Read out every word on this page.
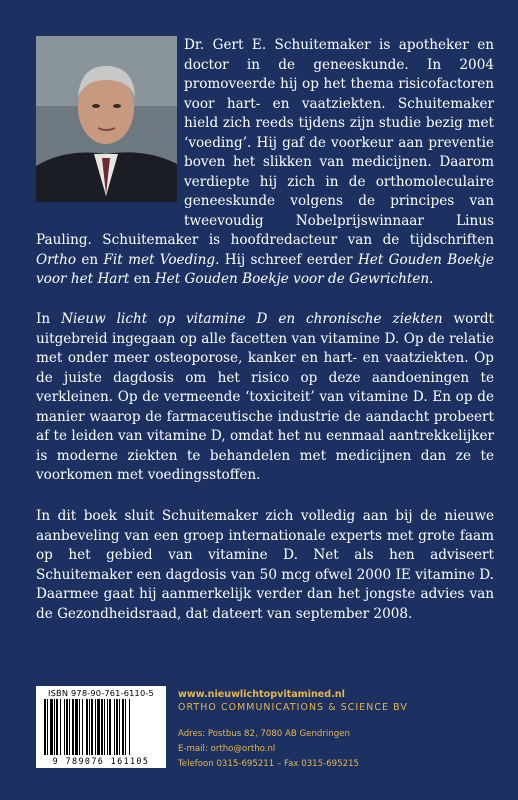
Dr. Gert E. Schuitemaker is apotheker en doctor in de geneeskunde. In 2004 promoveerde hij op het thema risicofactoren voor hart- en vaatziekten. Schuitemaker hield zich reeds tijdens zijn studie bezig met ‘voeding’. Hij gaf de voorkeur aan preventie boven het slikken van medicijnen. Daarom verdiepte hij zich in de orthomoleculaire geneeskunde volgens de principes van tweevoudig Nobelprijswinnaar Linus Pauling. Schuitemaker is hoofdredacteur van de tijdschriften Ortho en Fit met Voeding. Hij schreef eerder Het Gouden Boekje voor het Hart en Het Gouden Boekje voor de Gewrichten.

In Nieuw licht op vitamine D en chronische ziekten wordt uitgebreid ingegaan op alle facetten van vitamine D. Op de relatie met onder meer osteoporose, kanker en hart- en vaatziekten. Op de juiste dagdosis om het risico op deze aandoeningen te verkleinen. Op de vermeende ‘toxiciteit’ van vitamine D. En op de manier waarop de farmaceutische industrie de aandacht probeert af te leiden van vitamine D, omdat het nu eenmaal aantrekkelijker is moderne ziekten te behandelen met medicijnen dan ze te voorkomen met voedingsstoffen.

In dit boek sluit Schuitemaker zich volledig aan bij de nieuwe aanbeveling van een groep internationale experts met grote faam op het gebied van vitamine D. Net als hen adviseert Schuitemaker een dagdosis van 50 mcg ofwel 2000 IE vitamine D. Daarmee gaat hij aanmerkelijk verder dan het jongste advies van de Gezondheidsraad, dat dateert van september 2008.

ISBN 978-90-761-6110-5
9 789076 161105

www.nieuwlichtopvitamined.nl

ORTHO COMMUNICATIONS & SCIENCE BV

Adres: Postbus 82, 7080 AB Gendringen
E-mail: ortho@ortho.nl
Telefoon 0315-695211 – Fax 0315-695215
